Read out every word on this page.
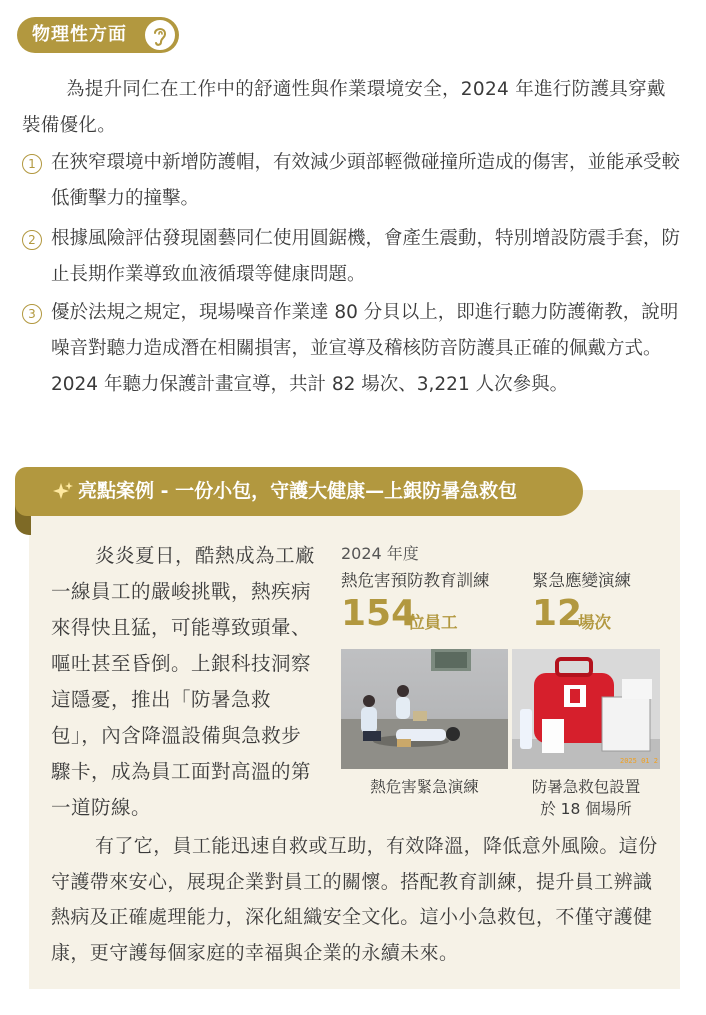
物理性方面
為提升同仁在工作中的舒適性與作業環境安全，2024 年進行防護具穿戴裝備優化。
1 在狹窄環境中新增防護帽，有效減少頭部輕微碰撞所造成的傷害，並能承受較低衝擊力的撞擊。
2 根據風險評估發現園藝同仁使用圓鋸機，會產生震動，特別增設防震手套，防止長期作業導致血液循環等健康問題。
3 優於法規之規定，現場噪音作業達 80 分貝以上，即進行聽力防護衛教，說明噪音對聽力造成潛在相關損害，並宣導及稽核防音防護具正確的佩戴方式。2024 年聽力保護計畫宣導，共計 82 場次、3,221 人次參與。
亮點案例 - 一份小包，守護大健康—上銀防暑急救包
炎炎夏日，酷熱成為工廠一線員工的嚴峻挑戰，熱疾病來得快且猛，可能導致頭暈、嘔吐甚至昏倒。上銀科技洞察這隱憂，推出「防暑急救包」，內含降溫設備與急救步驟卡，成為員工面對高溫的第一道防線。
2024 年度
熱危害預防教育訓練
154
位員工
緊急應變演練
12
場次
2025 01 2
熱危害緊急演練	防暑急救包設置
於 18 個場所
有了它，員工能迅速自救或互助，有效降溫，降低意外風險。這份守護帶來安心，展現企業對員工的關懷。搭配教育訓練，提升員工辨識熱病及正確處理能力，深化組織安全文化。這小小急救包，不僅守護健康，更守護每個家庭的幸福與企業的永續未來。
